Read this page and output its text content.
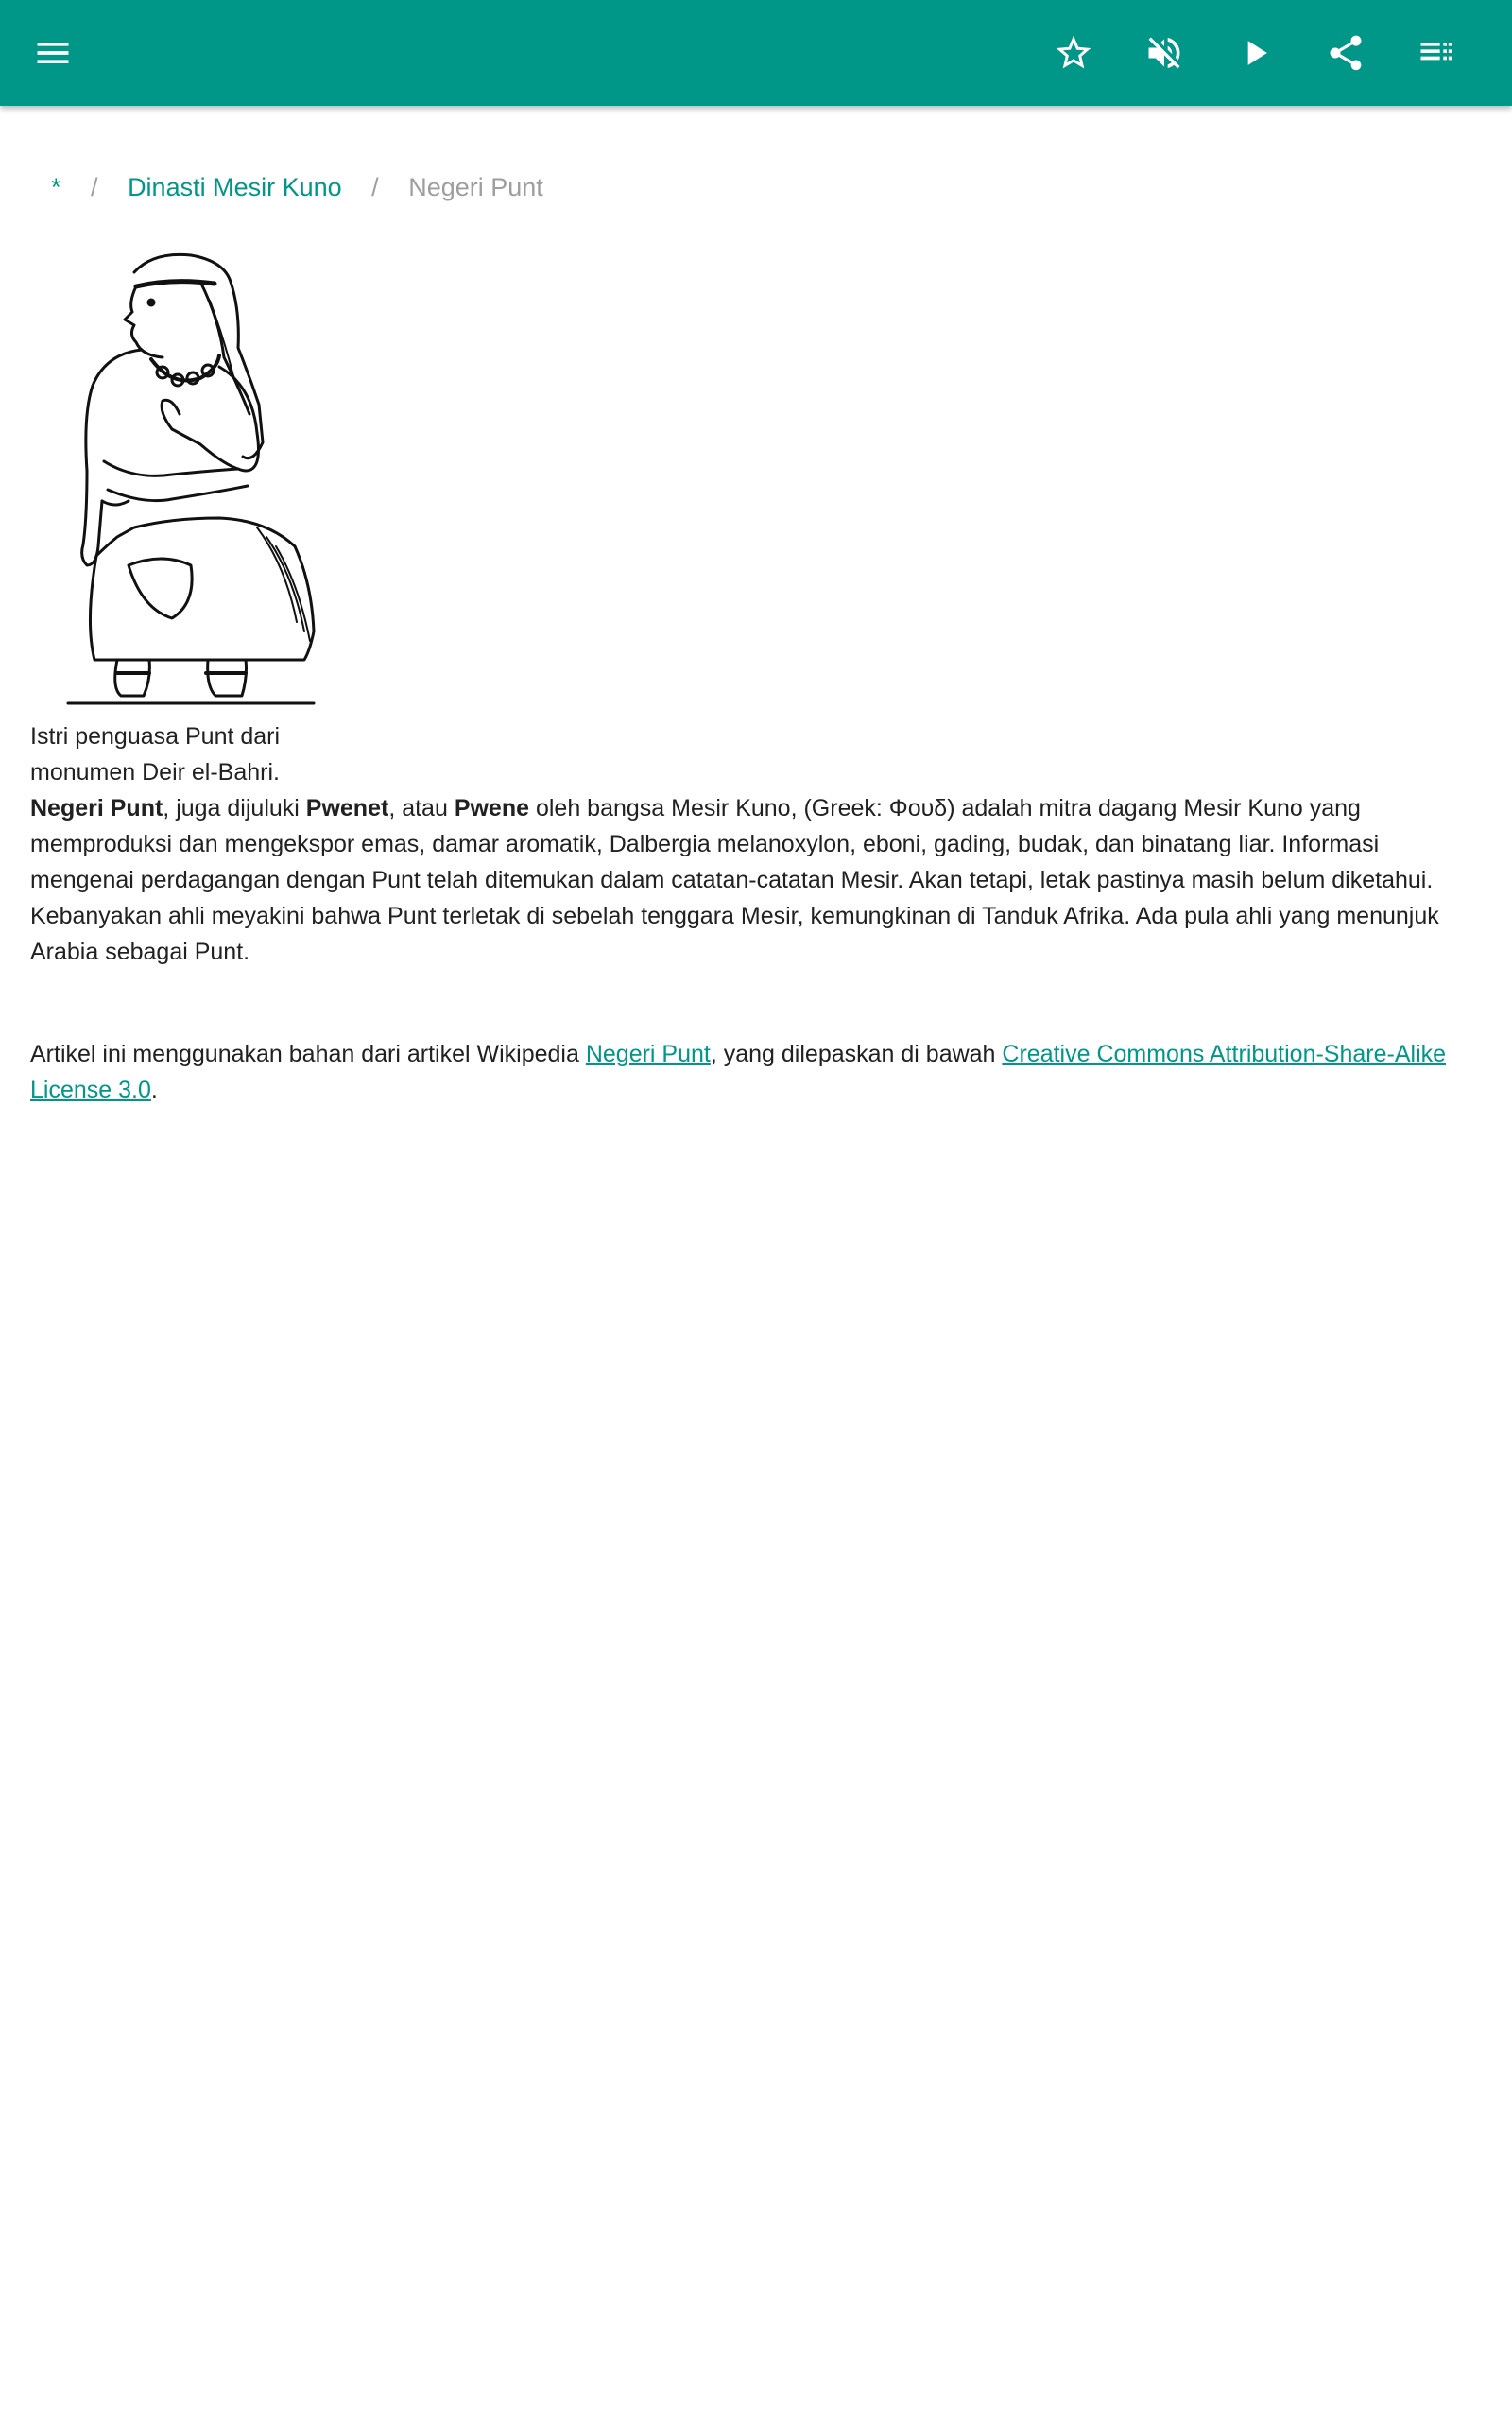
* / Dinasti Mesir Kuno / Negeri Punt
Istri penguasa Punt dari monumen Deir el-Bahri.

Negeri Punt, juga dijuluki Pwenet, atau Pwene oleh bangsa Mesir Kuno, (Greek: Φουδ) adalah mitra dagang Mesir Kuno yang memproduksi dan mengekspor emas, damar aromatik, Dalbergia melanoxylon, eboni, gading, budak, dan binatang liar. Informasi mengenai perdagangan dengan Punt telah ditemukan dalam catatan-catatan Mesir. Akan tetapi, letak pastinya masih belum diketahui. Kebanyakan ahli meyakini bahwa Punt terletak di sebelah tenggara Mesir, kemungkinan di Tanduk Afrika. Ada pula ahli yang menunjuk Arabia sebagai Punt.

Artikel ini menggunakan bahan dari artikel Wikipedia Negeri Punt, yang dilepaskan di bawah Creative Commons Attribution-Share-Alike License 3.0.
